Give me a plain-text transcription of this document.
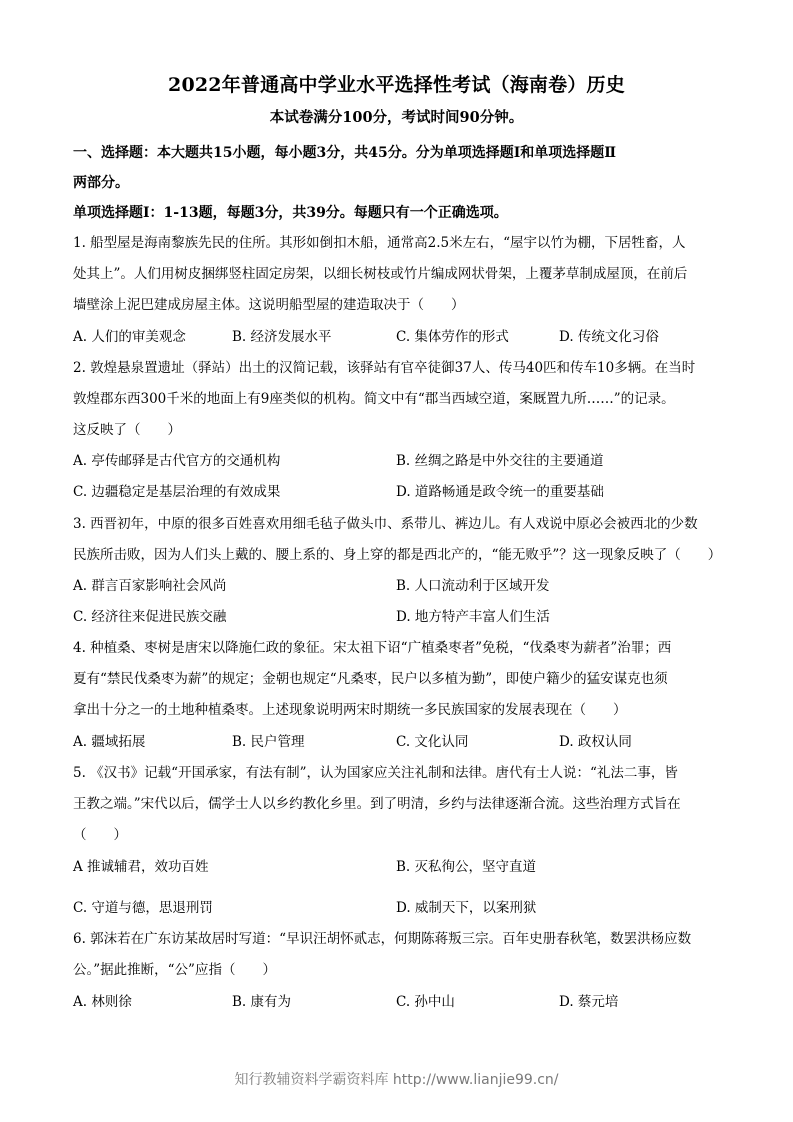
2022年普通高中学业水平选择性考试（海南卷）历史
本试卷满分100分，考试时间90分钟。
一、选择题：本大题共15小题，每小题3分，共45分。分为单项选择题Ⅰ和单项选择题Ⅱ
两部分。
单项选择题Ⅰ：1-13题，每题3分，共39分。每题只有一个正确选项。
1. 船型屋是海南黎族先民的住所。其形如倒扣木船，通常高2.5米左右，“屋宇以竹为棚，下居牲畜，人
处其上”。人们用树皮捆绑竖柱固定房架，以细长树枝或竹片编成网状骨架，上覆茅草制成屋顶，在前后
墙壁涂上泥巴建成房屋主体。这说明船型屋的建造取决于（　　）
A. 人们的审美观念	B. 经济发展水平	C. 集体劳作的形式	D. 传统文化习俗
2. 敦煌悬泉置遗址（驿站）出土的汉简记载，该驿站有官卒徒御37人、传马40匹和传车10多辆。在当时
敦煌郡东西300千米的地面上有9座类似的机构。简文中有“郡当西域空道，案厩置九所……”的记录。
这反映了（　　）
A. 亭传邮驿是古代官方的交通机构	B. 丝绸之路是中外交往的主要通道
C. 边疆稳定是基层治理的有效成果	D. 道路畅通是政令统一的重要基础
3. 西晋初年，中原的很多百姓喜欢用细毛毡子做头巾、系带儿、裤边儿。有人戏说中原必会被西北的少数
民族所击败，因为人们头上戴的、腰上系的、身上穿的都是西北产的，“能无败乎”？这一现象反映了（　　）
A. 群言百家影响社会风尚	B. 人口流动利于区域开发
C. 经济往来促进民族交融	D. 地方特产丰富人们生活
4. 种植桑、枣树是唐宋以降施仁政的象征。宋太祖下诏“广植桑枣者”免税，“伐桑枣为薪者”治罪；西
夏有“禁民伐桑枣为薪”的规定；金朝也规定“凡桑枣，民户以多植为勤”，即使户籍少的猛安谋克也须
拿出十分之一的土地种植桑枣。上述现象说明两宋时期统一多民族国家的发展表现在（　　）
A. 疆域拓展	B. 民户管理	C. 文化认同	D. 政权认同
5. 《汉书》记载“开国承家，有法有制”，认为国家应关注礼制和法律。唐代有士人说：“礼法二事，皆
王教之端。”宋代以后，儒学士人以乡约教化乡里。到了明清，乡约与法律逐渐合流。这些治理方式旨在
（　　）
A 推诚辅君，效功百姓	B. 灭私徇公，坚守直道
C. 守道与德，思退刑罚	D. 威制天下，以案刑狱
6. 郭沫若在广东访某故居时写道：“早识汪胡怀贰志，何期陈蒋叛三宗。百年史册春秋笔，数罢洪杨应数
公。”据此推断，“公”应指（　　）
A. 林则徐	B. 康有为	C. 孙中山	D. 蔡元培
知行教辅资料学霸资料库 http://www.lianjie99.cn/
